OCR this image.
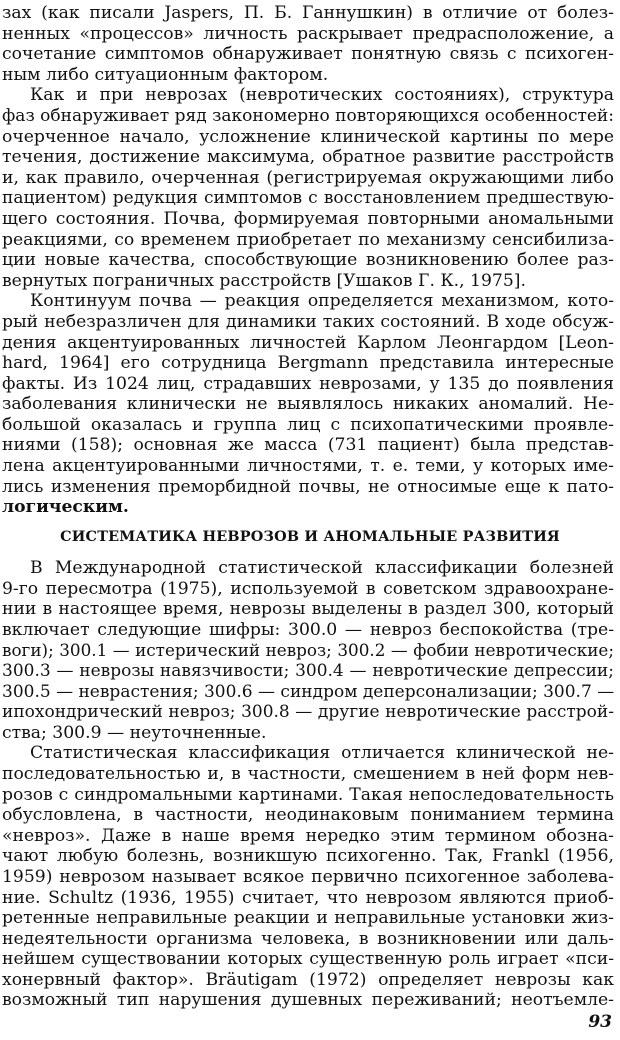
зах (как писали Jaspers, П. Б. Ганнушкин) в отличие от болез-
ненных «процессов» личность раскрывает предрасположение, а
сочетание симптомов обнаруживает понятную связь с психоген-
ным либо ситуационным фактором.
Как и при неврозах (невротических состояниях), структура
фаз обнаруживает ряд закономерно повторяющихся особенностей:
очерченное начало, усложнение клинической картины по мере
течения, достижение максимума, обратное развитие расстройств
и, как правило, очерченная (регистрируемая окружающими либо
пациентом) редукция симптомов с восстановлением предшествую-
щего состояния. Почва, формируемая повторными аномальными
реакциями, со временем приобретает по механизму сенсибилиза-
ции новые качества, способствующие возникновению более раз-
вернутых пограничных расстройств [Ушаков Г. К., 1975].
Континуум почва — реакция определяется механизмом, кото-
рый небезразличен для динамики таких состояний. В ходе обсуж-
дения акцентуированных личностей Карлом Леонгардом [Leon-
hard, 1964] его сотрудница Bergmann представила интересные
факты. Из 1024 лиц, страдавших неврозами, у 135 до появления
заболевания клинически не выявлялось никаких аномалий. Не-
большой оказалась и группа лиц с психопатическими проявле-
ниями (158); основная же масса (731 пациент) была представ-
лена акцентуированными личностями, т. е. теми, у которых име-
лись изменения преморбидной почвы, не относимые еще к пато-
логическим.
СИСТЕМАТИКА НЕВРОЗОВ И АНОМАЛЬНЫЕ РАЗВИТИЯ
В Международной статистической классификации болезней
9-го пересмотра (1975), используемой в советском здравоохране-
нии в настоящее время, неврозы выделены в раздел 300, который
включает следующие шифры: 300.0 — невроз беспокойства (тре-
воги); 300.1 — истерический невроз; 300.2 — фобии невротические;
300.3 — неврозы навязчивости; 300.4 — невротические депрессии;
300.5 — неврастения; 300.6 — синдром деперсонализации; 300.7 —
ипохондрический невроз; 300.8 — другие невротические расстрой-
ства; 300.9 — неуточненные.
Статистическая классификация отличается клинической не-
последовательностью и, в частности, смешением в ней форм нев-
розов с синдромальными картинами. Такая непоследовательность
обусловлена, в частности, неодинаковым пониманием термина
«невроз». Даже в наше время нередко этим термином обозна-
чают любую болезнь, возникшую психогенно. Так, Frankl (1956,
1959) неврозом называет всякое первично психогенное заболева-
ние. Schultz (1936, 1955) считает, что неврозом являются приоб-
ретенные неправильные реакции и неправильные установки жиз-
недеятельности организма человека, в возникновении или даль-
нейшем существовании которых существенную роль играет «пси-
хонервный фактор». Bräutigam (1972) определяет неврозы как
возможный тип нарушения душевных переживаний; неотъемле-
93
